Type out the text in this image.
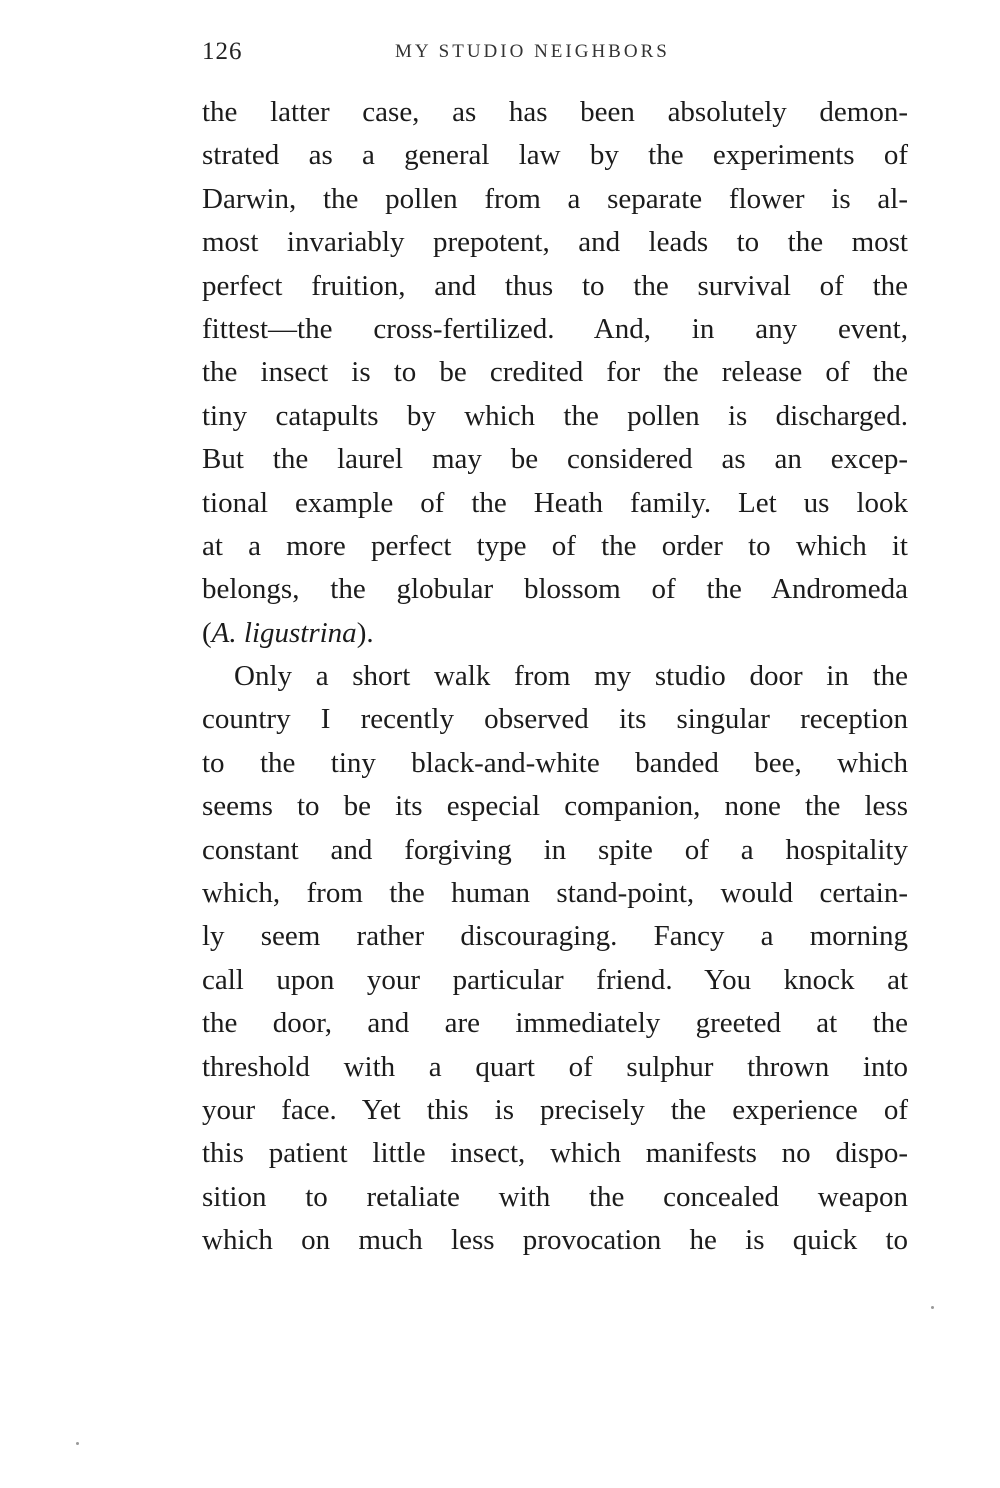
126	MY STUDIO NEIGHBORS
the latter case, as has been absolutely demon-
strated as a general law by the experiments of
Darwin, the pollen from a separate flower is al-
most invariably prepotent, and leads to the most
perfect fruition, and thus to the survival of the
fittest—the cross-fertilized. And, in any event,
the insect is to be credited for the release of the
tiny catapults by which the pollen is discharged.
But the laurel may be considered as an excep-
tional example of the Heath family. Let us look
at a more perfect type of the order to which it
belongs, the globular blossom of the Andromeda
(A. ligustrina).
Only a short walk from my studio door in the
country I recently observed its singular reception
to the tiny black-and-white banded bee, which
seems to be its especial companion, none the less
constant and forgiving in spite of a hospitality
which, from the human stand-point, would certain-
ly seem rather discouraging. Fancy a morning
call upon your particular friend. You knock at
the door, and are immediately greeted at the
threshold with a quart of sulphur thrown into
your face. Yet this is precisely the experience of
this patient little insect, which manifests no dispo-
sition to retaliate with the concealed weapon
which on much less provocation he is quick to
